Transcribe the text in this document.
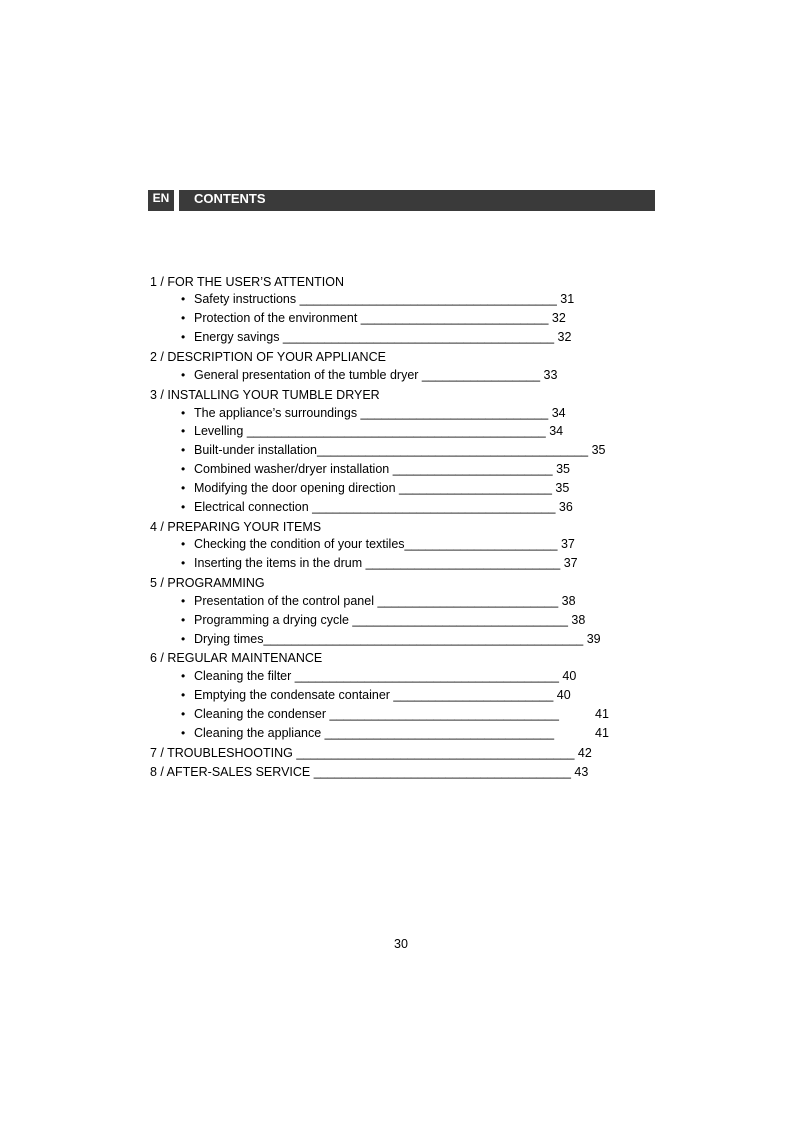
EN	CONTENTS
1 / FOR THE USER’S ATTENTION
• Safety instructions _____________________________________ 31
• Protection of the environment ___________________________ 32
• Energy savings _______________________________________ 32
2 / DESCRIPTION OF YOUR APPLIANCE
• General presentation of the tumble dryer _________________ 33
3 / INSTALLING YOUR TUMBLE DRYER
• The appliance’s surroundings ___________________________ 34
• Levelling ___________________________________________ 34
• Built-under installation_______________________________________ 35
• Combined washer/dryer installation _______________________ 35
• Modifying the door opening direction ______________________ 35
• Electrical connection ___________________________________ 36
4 / PREPARING YOUR ITEMS
• Checking the condition of your textiles______________________ 37
• Inserting the items in the drum ____________________________ 37
5 / PROGRAMMING
• Presentation of the control panel __________________________ 38
• Programming a drying cycle _______________________________ 38
• Drying times______________________________________________ 39
6 / REGULAR MAINTENANCE
• Cleaning the filter ______________________________________ 40
• Emptying the condensate container _______________________ 40
• Cleaning the condenser _________________________________	41
• Cleaning the appliance _________________________________	41
7 / TROUBLESHOOTING ________________________________________ 42
8 / AFTER-SALES SERVICE _____________________________________ 43
30
